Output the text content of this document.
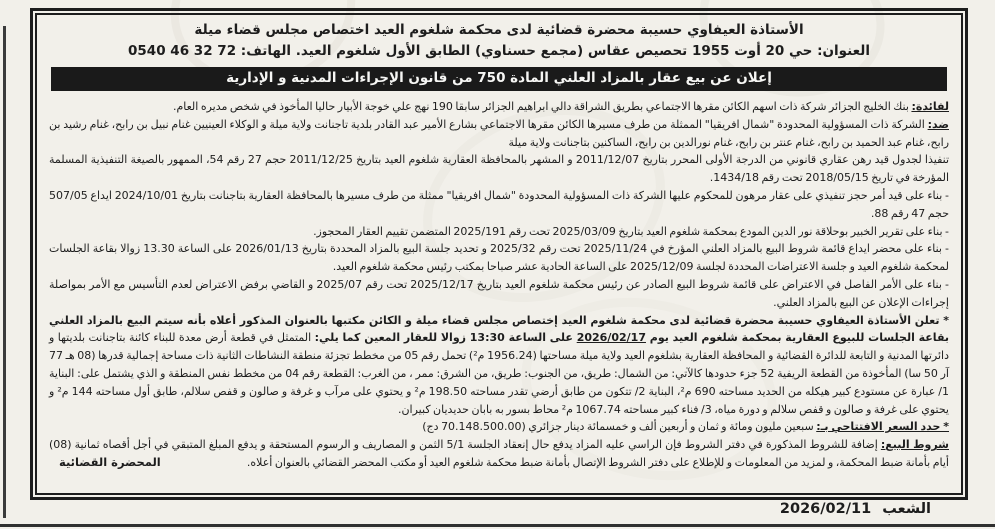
الأستاذة العيفاوي حسيبة محضرة قضائية لدى محكمة شلغوم العيد اختصاص مجلس قضاء ميلة
العنوان: حي 20 أوت 1955 تحصيص عقاس (مجمع حسناوي) الطابق الأول شلغوم العيد. الهاتف: 72 32 46 0540
إعلان عن بيع عقار بالمزاد العلني المادة 750 من قانون الإجراءات المدنية و الإدارية

لفائدة: بنك الخليج الجزائر شركة ذات اسهم الكائن مقرها الاجتماعي بطريق الشراقة دالي ابراهيم الجزائر سابقا 190 نهج علي خوجة الأبيار حاليا المأخوذ في شخص مديره العام.

ضد: الشركة ذات المسؤولية المحدودة "شمال افريقيا" الممثلة من طرف مسيرها الكائن مقرها الاجتماعي بشارع الأمير عبد القادر بلدية تاجنانت ولاية ميلة و الوكلاء العينيين غنام نبيل بن رابح، غنام رشيد بن رابح، غنام عبد الحميد بن رابح، غنام عنتر بن رابح، غنام نورالدين بن رابح، الساكنين بتاجنانت ولاية ميلة

تنفيذا لجدول قيد رهن عقاري قانوني من الدرجة الأولى المحرر بتاريخ 2011/12/07 و المشهر بالمحافظة العقارية شلغوم العيد بتاريخ 2011/12/25 حجم 27 رقم 54، الممهور بالصيغة التنفيذية المسلمة المؤرخة في تاريخ 2018/05/15 تحت رقم 1434/18.

- بناء على قيد أمر حجز تنفيذي على عقار مرهون للمحكوم عليها الشركة ذات المسؤولية المحدودة "شمال افريقيا" ممثلة من طرف مسيرها بالمحافظة العقارية بتاجنانت بتاريخ 2024/10/01 ايداع 507/05 حجم 47 رقم 88.

- بناء على تقرير الخبير بوحلاقة نور الدين المودع بمحكمة شلغوم العيد بتاريخ 2025/03/09 تحت رقم 2025/191 المتضمن تقييم العقار المحجوز.

- بناء على محضر ايداع قائمة شروط البيع بالمزاد العلني المؤرخ في 2025/11/24 تحت رقم 2025/32 و تحديد جلسة البيع بالمزاد المحددة بتاريخ 2026/01/13 على الساعة 13.30 زوالا بقاعة الجلسات لمحكمة شلغوم العيد و جلسة الاعتراضات المحددة لجلسة 2025/12/09 على الساعة الحادية عشر صباحا بمكتب رئيس محكمة شلغوم العيد.

- بناء على الأمر الفاصل في الاعتراض على قائمة شروط البيع الصادر عن رئيس محكمة شلغوم العيد بتاريخ 2025/12/17 تحت رقم 2025/07 و القاضي برفض الاعتراض لعدم التأسيس مع الأمر بمواصلة إجراءات الإعلان عن البيع بالمزاد العلني.

* تعلن الأستاذة العيفاوي حسيبة محضرة قضائية لدى محكمة شلغوم العيد إختصاص مجلس قضاء ميلة و الكائن مكتبها بالعنوان المذكور أعلاه بأنه سيتم البيع بالمزاد العلني بقاعة الجلسات للبيوع العقارية بمحكمة شلغوم العيد يوم 2026/02/17 على الساعة 13:30 زوالا للعقار المعين كما يلي: المتمثل في قطعة أرض معدة للبناء كائنة بتاجنانت بلديتها و دائرتها المدنية و التابعة للدائرة القضائية و المحافظة العقارية بشلغوم العيد ولاية ميلة مساحتها (1956.24 م²) تحمل رقم 05 من مخطط تجزئة منطقة النشاطات الثانية ذات مساحة إجمالية قدرها (08 هـ 77 آر 50 سا) المأخوذة من القطعة الريفية 52 جزء حدودها كالآتي: من الشمال: طريق، من الجنوب: طريق، من الشرق: ممر ، من الغرب: القطعة رقم 04 من مخطط نفس المنطقة و الذي يشتمل على: البناية 1/ عبارة عن مستودع كبير هيكله من الحديد مساحته 690 م²، البناية 2/ تتكون من طابق أرضي تقدر مساحته 198.50 م² و يحتوي على مرآب و غرفة و صالون و قفص سلالم، طابق أول مساحته 144 م² و يحتوي على غرفة و صالون و قفص سلالم و دورة مياه، 3/ فناء كبير مساحته 1067.74 م² محاط بسور به بابان حديديان كبيران.

* حدد السعر الافتتاحي بـ: سبعين مليون ومائة و ثمان و أربعين ألف و خمسمائة دينار جزائري (70.148.500.00 دج)

شروط البيع: إضافة للشروط المذكورة في دفتر الشروط فإن الراسي عليه المزاد يدفع حال إنعقاد الجلسة 5/1 الثمن و المصاريف و الرسوم المستحقة و يدفع المبلغ المتبقي في أجل أقصاه ثمانية (08) أيام بأمانة ضبط المحكمة، و لمزيد من المعلومات و للإطلاع على دفتر الشروط الإتصال بأمانة ضبط محكمة شلغوم العيد أو مكتب المحضر القضائي بالعنوان أعلاه.

المحضرة القضائية
الشعب 2026/02/11
